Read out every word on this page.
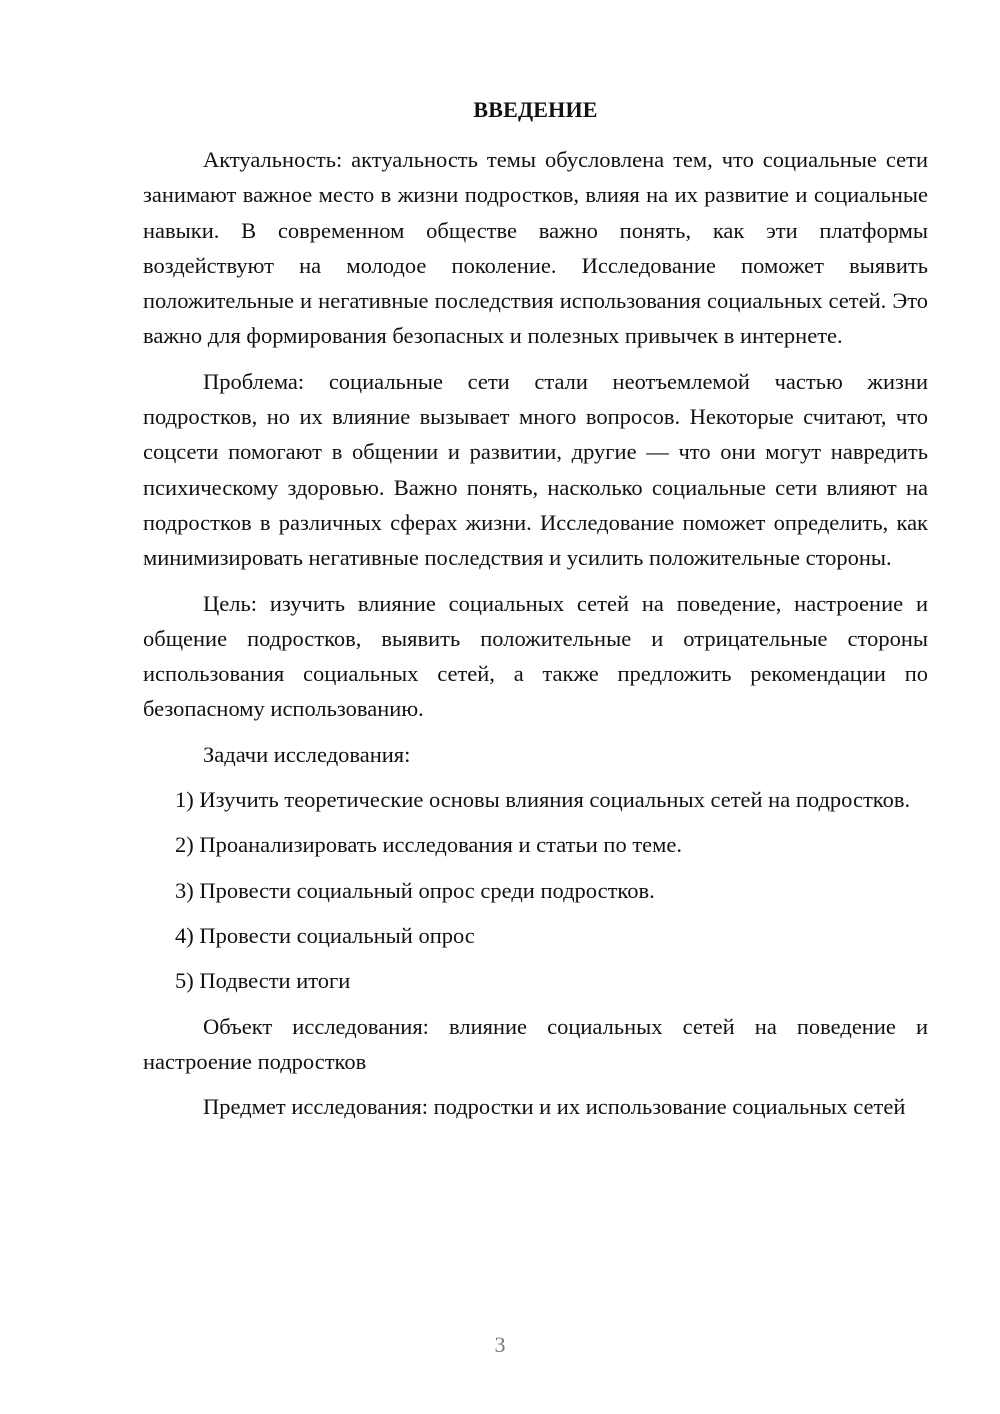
ВВЕДЕНИЕ

Актуальность: актуальность темы обусловлена тем, что социальные сети занимают важное место в жизни подростков, влияя на их развитие и социальные навыки. В современном обществе важно понять, как эти платформы воздействуют на молодое поколение. Исследование поможет выявить положительные и негативные последствия использования социальных сетей. Это важно для формирования безопасных и полезных привычек в интернете.

Проблема: социальные сети стали неотъемлемой частью жизни подростков, но их влияние вызывает много вопросов. Некоторые считают, что соцсети помогают в общении и развитии, другие — что они могут навредить психическому здоровью. Важно понять, насколько социальные сети влияют на подростков в различных сферах жизни. Исследование поможет определить, как минимизировать негативные последствия и усилить положительные стороны.

Цель: изучить влияние социальных сетей на поведение, настроение и общение подростков, выявить положительные и отрицательные стороны использования социальных сетей, а также предложить рекомендации по безопасному использованию.

Задачи исследования:

1) Изучить теоретические основы влияния социальных сетей на подростков.

2) Проанализировать исследования и статьи по теме.

3) Провести социальный опрос среди подростков.

4) Провести социальный опрос

5) Подвести итоги

Объект исследования: влияние социальных сетей на поведение и настроение подростков

Предмет исследования: подростки и их использование социальных сетей

3
